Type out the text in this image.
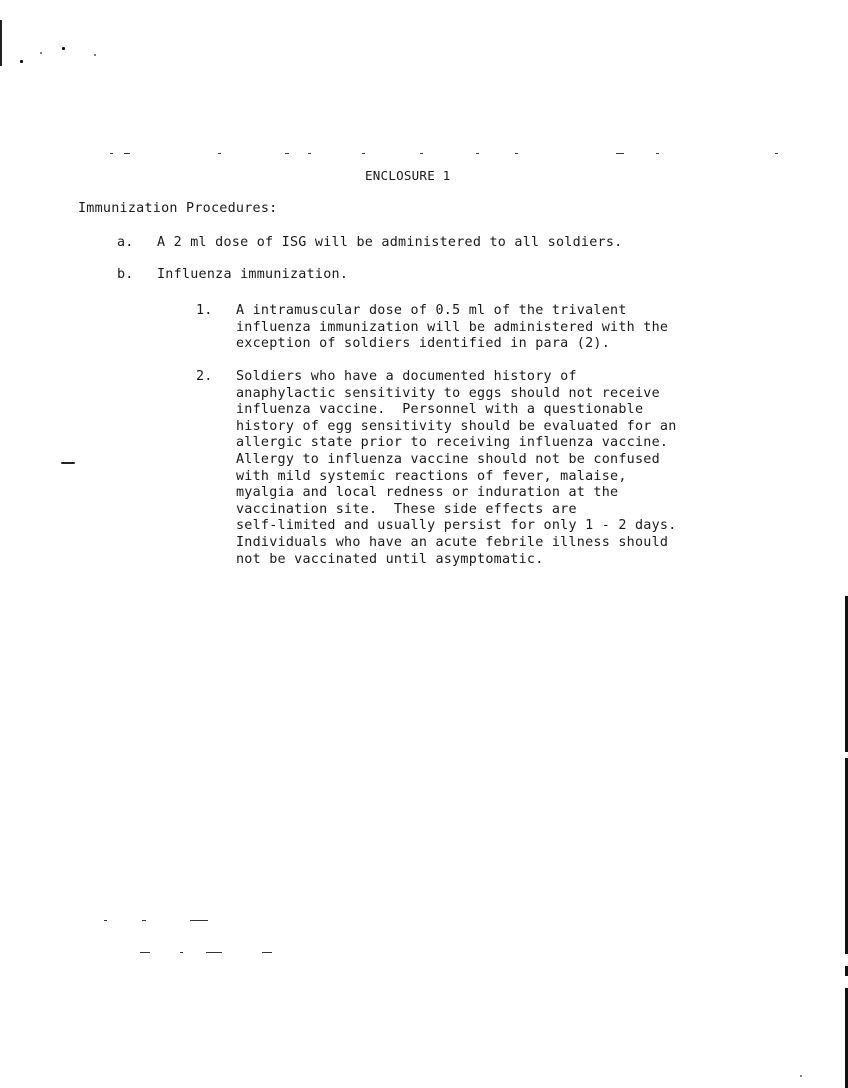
ENCLOSURE 1
Immunization Procedures:
a. A 2 ml dose of ISG will be administered to all soldiers.
b. Influenza immunization.
1. A intramuscular dose of 0.5 ml of the trivalent
influenza immunization will be administered with the
exception of soldiers identified in para (2).
2. Soldiers who have a documented history of
anaphylactic sensitivity to eggs should not receive
influenza vaccine.  Personnel with a questionable
history of egg sensitivity should be evaluated for an
allergic state prior to receiving influenza vaccine.
Allergy to influenza vaccine should not be confused
with mild systemic reactions of fever, malaise,
myalgia and local redness or induration at the
vaccination site.  These side effects are
self-limited and usually persist for only 1 - 2 days.
Individuals who have an acute febrile illness should
not be vaccinated until asymptomatic.
